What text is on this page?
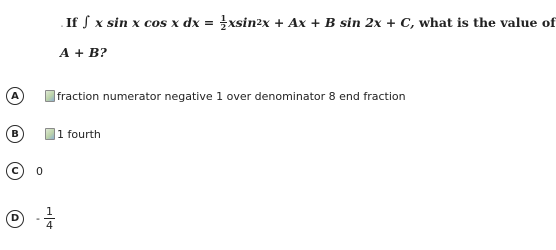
. If
∫
x sin x cos x dx
=
$\frac{1}{2}$ xsin 2 x + Ax + B sin 2x + C,
what is the value of
A + B?
A	fraction numerator negative 1 over denominator 8 end fraction
B	1 fourth
C	0
D	- $\frac{1}{4}$
